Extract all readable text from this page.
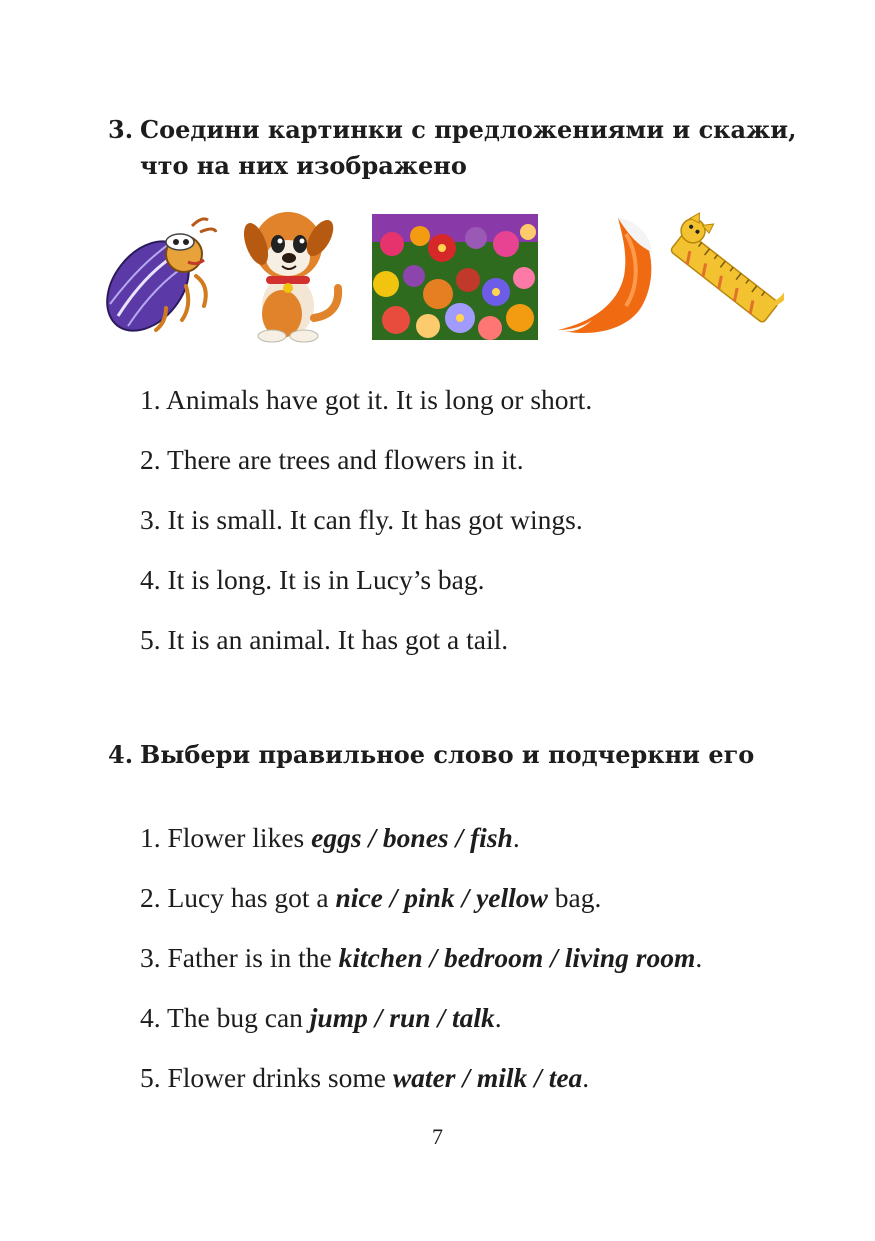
3. Соедини картинки с предложениями и скажи, что на них изображено
1. Animals have got it. It is long or short.
2. There are trees and flowers in it.
3. It is small. It can fly. It has got wings.
4. It is long. It is in Lucy’s bag.
5. It is an animal. It has got a tail.
4. Выбери правильное слово и подчеркни его
1. Flower likes eggs / bones / fish.
2. Lucy has got a nice / pink / yellow bag.
3. Father is in the kitchen / bedroom / living room.
4. The bug can jump / run / talk.
5. Flower drinks some water / milk / tea.
7
